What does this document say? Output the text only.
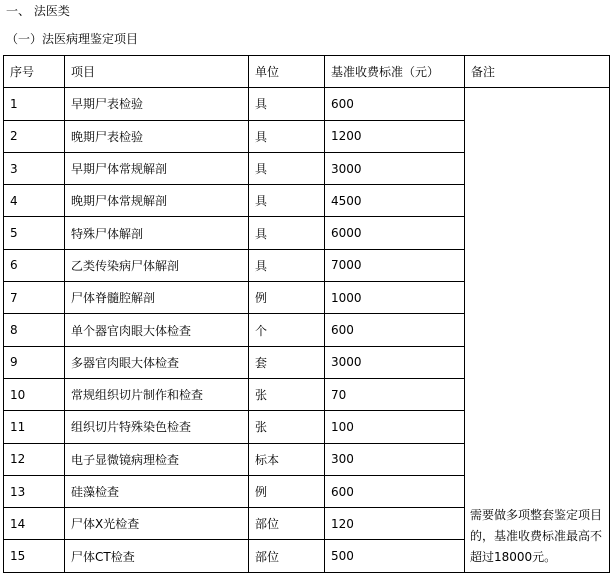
一、 法医类
（一）法医病理鉴定项目
序号	项目	单位	基准收费标准（元）	备注
1	早期尸表检验	具	600	需要做多项整套鉴定项目的，基准收费标准最高不超过18000元。
2	晚期尸表检验	具	1200	
3	早期尸体常规解剖	具	3000	
4	晚期尸体常规解剖	具	4500	
5	特殊尸体解剖	具	6000	
6	乙类传染病尸体解剖	具	7000	
7	尸体脊髓腔解剖	例	1000	
8	单个器官肉眼大体检查	个	600	
9	多器官肉眼大体检查	套	3000	
10	常规组织切片制作和检查	张	70	
11	组织切片特殊染色检查	张	100	
12	电子显微镜病理检查	标本	300	
13	硅藻检查	例	600	
14	尸体X光检查	部位	120	
15	尸体CT检查	部位	500	
